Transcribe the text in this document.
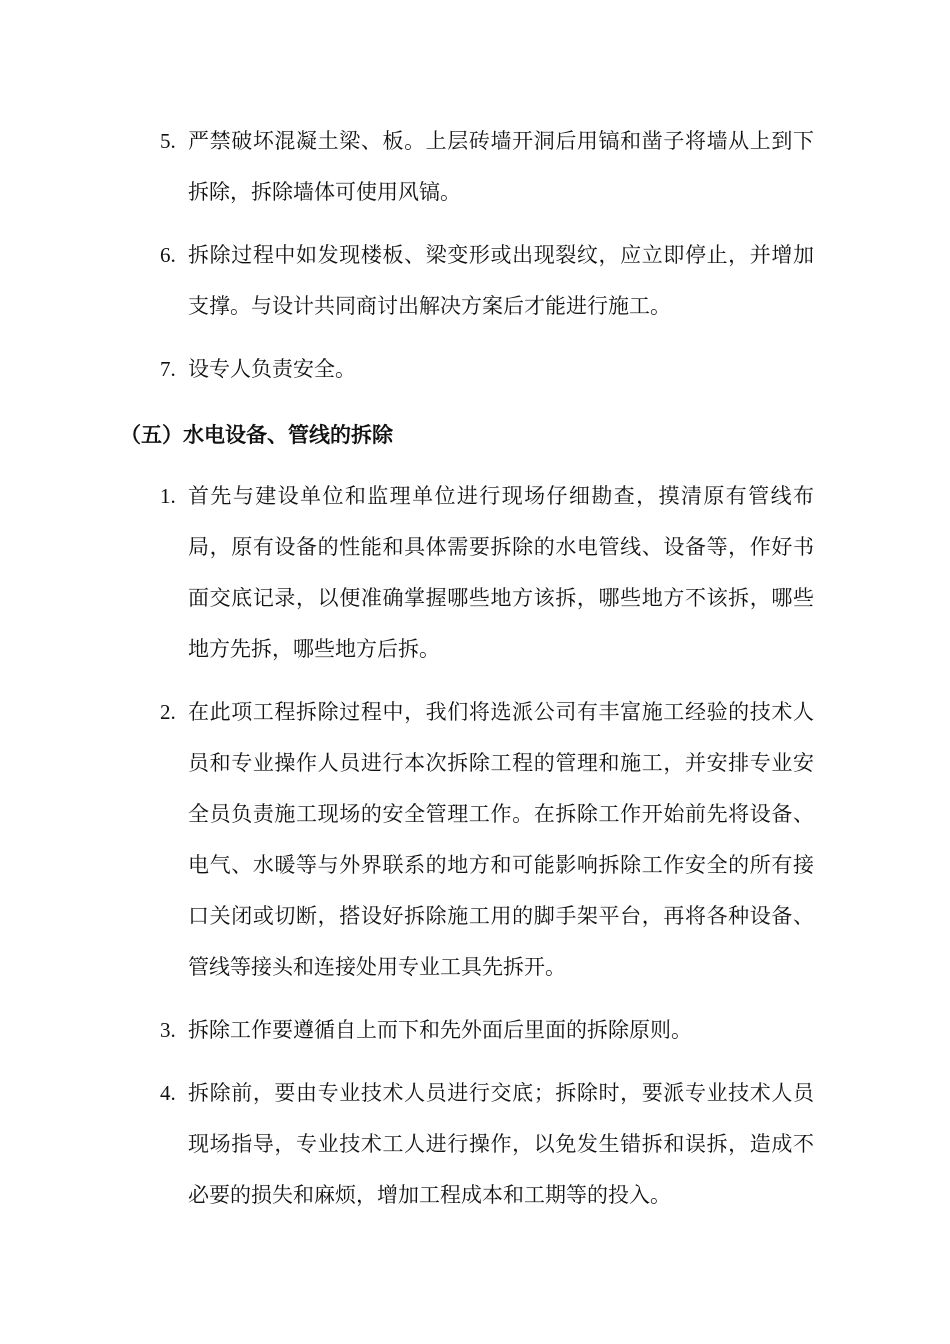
5. 严禁破坏混凝土梁、板。上层砖墙开洞后用镐和凿子将墙从上到下拆除，拆除墙体可使用风镐。
6. 拆除过程中如发现楼板、梁变形或出现裂纹，应立即停止，并增加支撑。与设计共同商讨出解决方案后才能进行施工。
7. 设专人负责安全。
（五）水电设备、管线的拆除
1. 首先与建设单位和监理单位进行现场仔细勘查，摸清原有管线布局，原有设备的性能和具体需要拆除的水电管线、设备等，作好书面交底记录，以便准确掌握哪些地方该拆，哪些地方不该拆，哪些地方先拆，哪些地方后拆。
2. 在此项工程拆除过程中，我们将选派公司有丰富施工经验的技术人员和专业操作人员进行本次拆除工程的管理和施工，并安排专业安全员负责施工现场的安全管理工作。在拆除工作开始前先将设备、电气、水暖等与外界联系的地方和可能影响拆除工作安全的所有接口关闭或切断，搭设好拆除施工用的脚手架平台，再将各种设备、管线等接头和连接处用专业工具先拆开。
3. 拆除工作要遵循自上而下和先外面后里面的拆除原则。
4. 拆除前，要由专业技术人员进行交底；拆除时，要派专业技术人员现场指导，专业技术工人进行操作，以免发生错拆和误拆，造成不必要的损失和麻烦，增加工程成本和工期等的投入。
